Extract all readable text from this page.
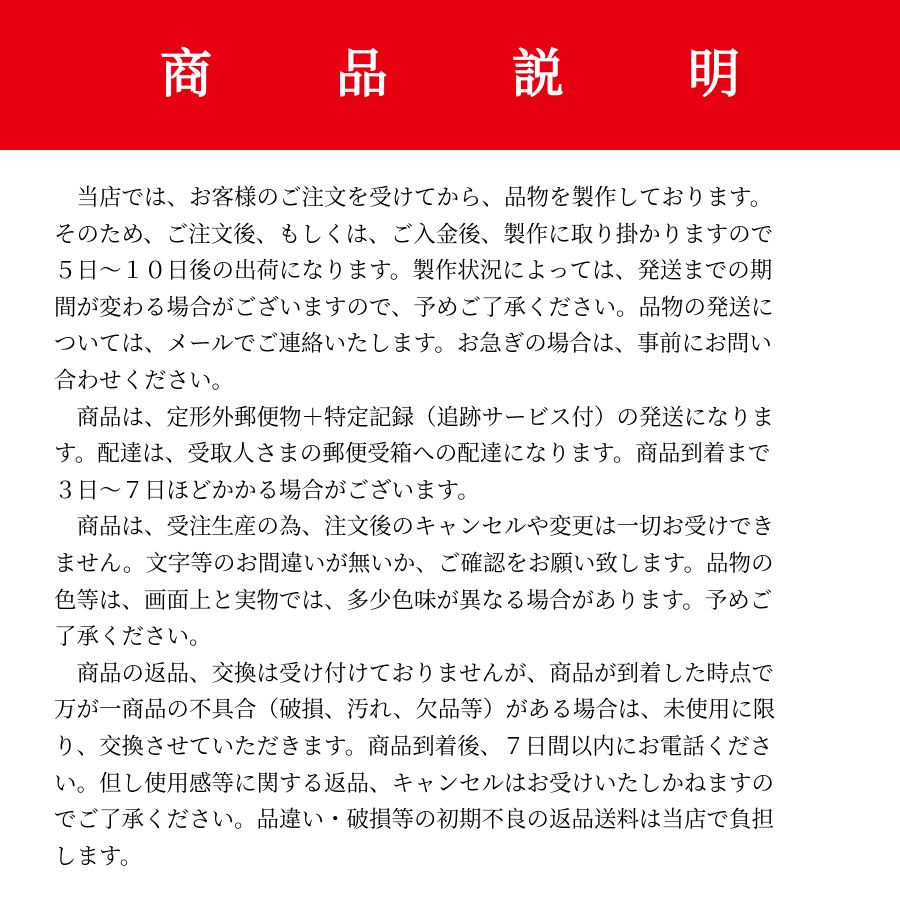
商　品　説　明
　当店では、お客様のご注文を受けてから、品物を製作しております。
そのため、ご注文後、もしくは、ご入金後、製作に取り掛かりますので
５日～１０日後の出荷になります。製作状況によっては、発送までの期
間が変わる場合がございますので、予めご了承ください。品物の発送に
ついては、メールでご連絡いたします。お急ぎの場合は、事前にお問い
合わせください。
　商品は、定形外郵便物＋特定記録（追跡サービス付）の発送になりま
す。配達は、受取人さまの郵便受箱への配達になります。商品到着まで
３日～７日ほどかかる場合がございます。
　商品は、受注生産の為、注文後のキャンセルや変更は一切お受けでき
ません。文字等のお間違いが無いか、ご確認をお願い致します。品物の
色等は、画面上と実物では、多少色味が異なる場合があります。予めご
了承ください。
　商品の返品、交換は受け付けておりませんが、商品が到着した時点で
万が一商品の不具合（破損、汚れ、欠品等）がある場合は、未使用に限
り、交換させていただきます。商品到着後、７日間以内にお電話くださ
い。但し使用感等に関する返品、キャンセルはお受けいたしかねますの
でご了承ください。品違い・破損等の初期不良の返品送料は当店で負担
します。
